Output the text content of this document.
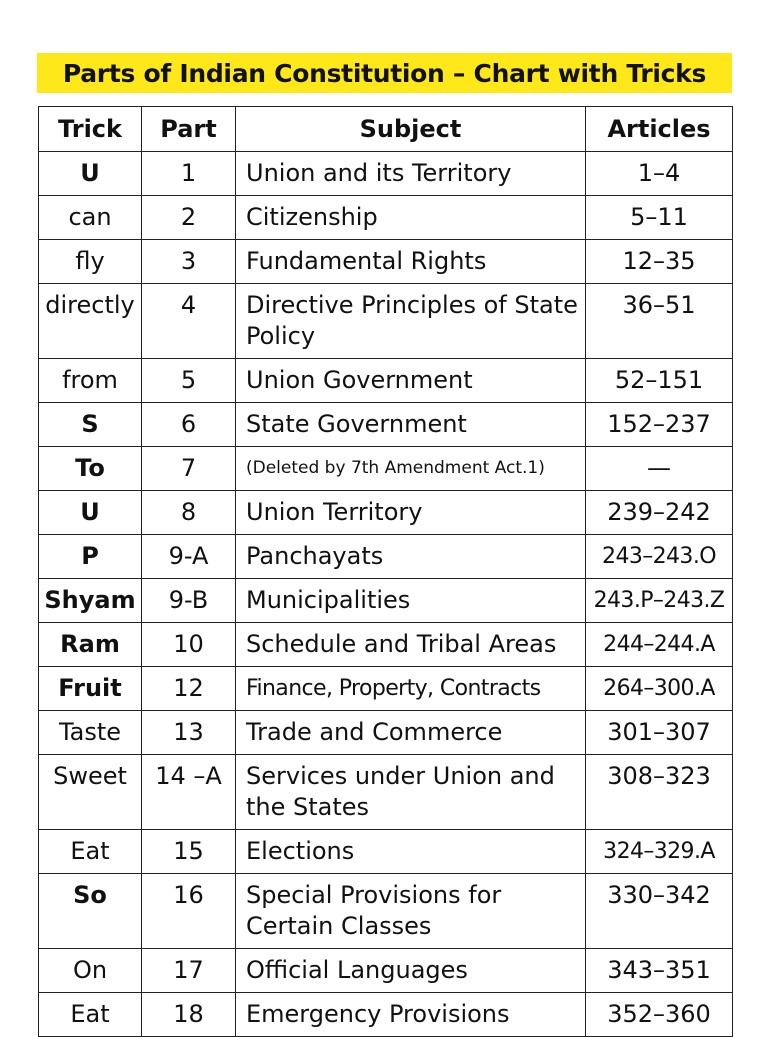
Parts of Indian Constitution – Chart with Tricks
Trick	Part	Subject	Articles
U	1	Union and its Territory	1–4
can	2	Citizenship	5–11
fly	3	Fundamental Rights	12–35
directly	4	Directive Principles of State Policy	36–51
from	5	Union Government	52–151
S	6	State Government	152–237
To	7	(Deleted by 7th Amendment Act.1)	—
U	8	Union Territory	239–242
P	9-A	Panchayats	243–243.O
Shyam	9-B	Municipalities	243.P–243.Z
Ram	10	Schedule and Tribal Areas	244–244.A
Fruit	12	Finance, Property, Contracts	264–300.A
Taste	13	Trade and Commerce	301–307
Sweet	14 –A	Services under Union and the States	308–323
Eat	15	Elections	324–329.A
So	16	Special Provisions for Certain Classes	330–342
On	17	Official Languages	343–351
Eat	18	Emergency Provisions	352–360
